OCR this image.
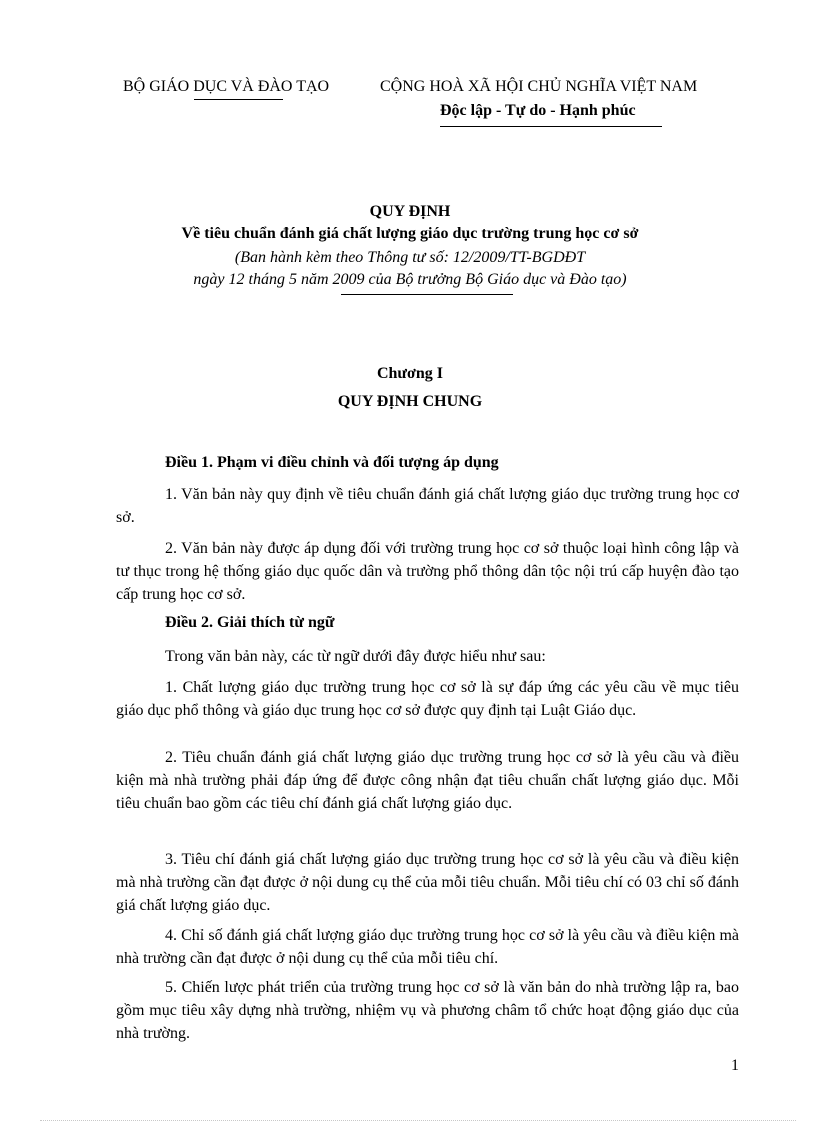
BỘ GIÁO DỤC VÀ ĐÀO TẠO	CỘNG HOÀ XÃ HỘI CHỦ NGHĨA VIỆT NAM
Độc lập - Tự do - Hạnh phúc
QUY ĐỊNH
Về tiêu chuẩn đánh giá chất lượng giáo dục trường trung học cơ sở
(Ban hành kèm theo Thông tư số: 12/2009/TT-BGDĐT
ngày 12 tháng 5 năm 2009 của Bộ trưởng Bộ Giáo dục và Đào tạo)
Chương I
QUY ĐỊNH CHUNG
Điều 1. Phạm vi điều chỉnh và đối tượng áp dụng
1. Văn bản này quy định về tiêu chuẩn đánh giá chất lượng giáo dục trường trung học cơ sở.
2. Văn bản này được áp dụng đối với trường trung học cơ sở thuộc loại hình công lập và tư thục trong hệ thống giáo dục quốc dân và trường phổ thông dân tộc nội trú cấp huyện đào tạo cấp trung học cơ sở.
Điều 2. Giải thích từ ngữ
Trong văn bản này, các từ ngữ dưới đây được hiểu như sau:
1. Chất lượng giáo dục trường trung học cơ sở là sự đáp ứng các yêu cầu về mục tiêu giáo dục phổ thông và giáo dục trung học cơ sở được quy định tại Luật Giáo dục.
2. Tiêu chuẩn đánh giá chất lượng giáo dục trường trung học cơ sở là yêu cầu và điều kiện mà nhà trường phải đáp ứng để được công nhận đạt tiêu chuẩn chất lượng giáo dục. Mỗi tiêu chuẩn bao gồm các tiêu chí đánh giá chất lượng giáo dục.
3. Tiêu chí đánh giá chất lượng giáo dục trường trung học cơ sở là yêu cầu và điều kiện mà nhà trường cần đạt được ở nội dung cụ thể của mỗi tiêu chuẩn. Mỗi tiêu chí có 03 chỉ số đánh giá chất lượng giáo dục.
4. Chỉ số đánh giá chất lượng giáo dục trường trung học cơ sở là yêu cầu và điều kiện mà nhà trường cần đạt được ở nội dung cụ thể của mỗi tiêu chí.
5. Chiến lược phát triển của trường trung học cơ sở là văn bản do nhà trường lập ra, bao gồm mục tiêu xây dựng nhà trường, nhiệm vụ và phương châm tổ chức hoạt động giáo dục của nhà trường.
1
